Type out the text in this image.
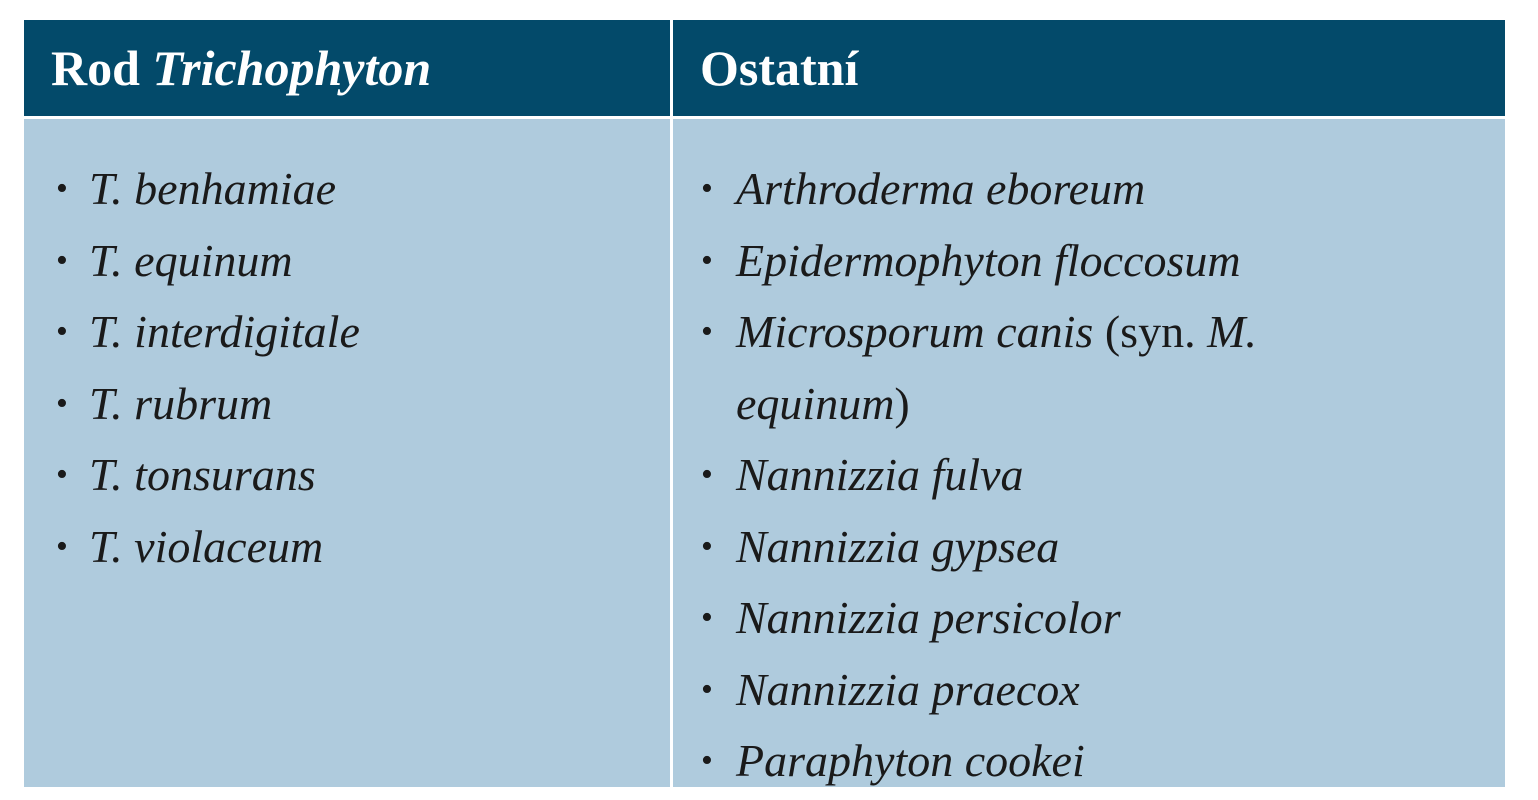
Rod Trichophyton	Ostatní
• T. benhamiae
• T. equinum
• T. interdigitale
• T. rubrum
• T. tonsurans
• T. violaceum
• Arthroderma eboreum
• Epidermophyton floccosum
• Microsporum canis (syn. M.
equinum)
• Nannizzia fulva
• Nannizzia gypsea
• Nannizzia persicolor
• Nannizzia praecox
• Paraphyton cookei
